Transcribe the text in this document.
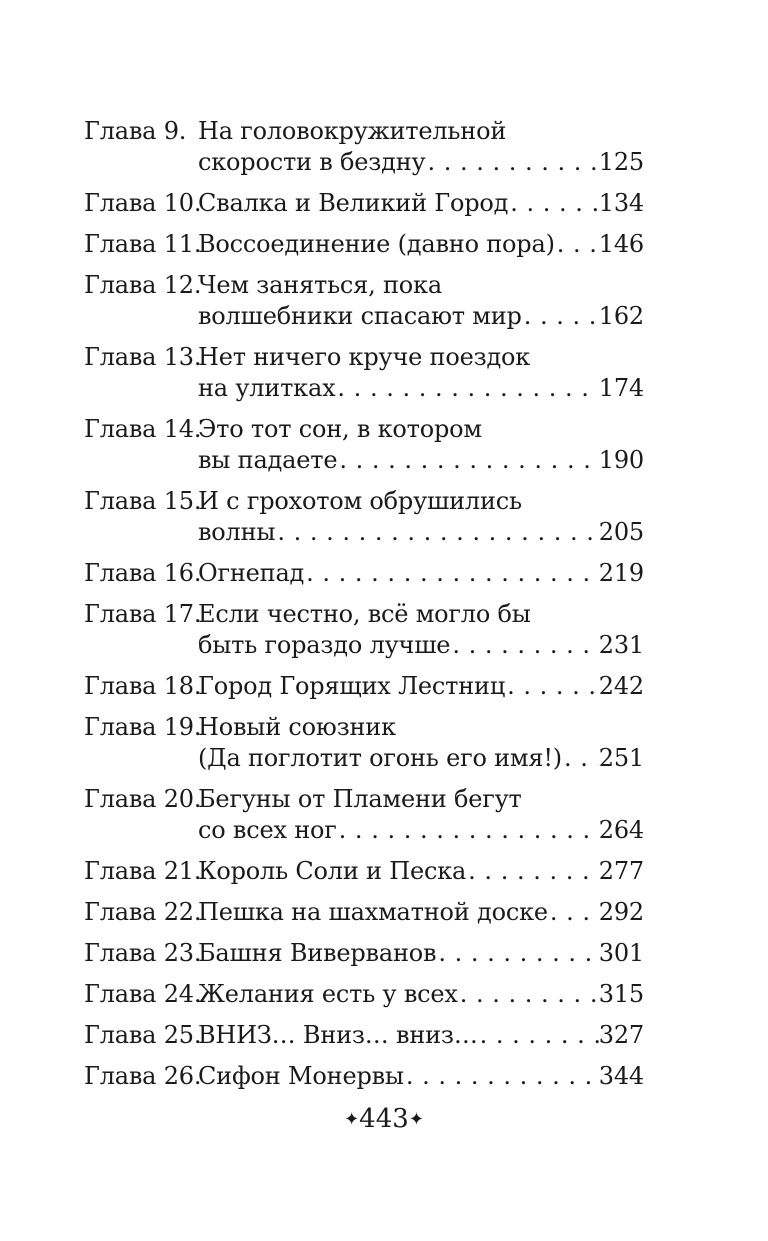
Глава 9. На головокружительной
скорости в бездну . . .	125
Глава 10.
Свалка и Великий Город . . .	134
Глава 11.
Воссоединение (давно пора) . . . 146
Глава 12.
Чем заняться, пока
волшебники спасают мир . . .	162
Глава 13.
Нет ничего круче поездок
на улитках . . .	174
Глава 14.
Это тот сон, в котором
вы падаете . . .	190
Глава 15.
И с грохотом обрушились
волны . . .	205
Глава 16.
Огнепад . . .	219
Глава 17.
Если честно, всё могло бы
быть гораздо лучше . . .	231
Глава 18.
Город Горящих Лестниц . . .	242
Глава 19.
Новый союзник
(Да поглотит огонь его имя!) . . . 251
Глава 20.
Бегуны от Пламени бегут
со всех ног . . .	264
Глава 21.
Король Соли и Песка . . .	277
Глава 22.
Пешка на шахматной доске . . . 292
Глава 23.
Башня Виверванов . . .	301
Глава 24.
Желания есть у всех . . .	315
Глава 25.
ВНИЗ… Вниз… вниз… . . .	327
Глава 26.
Сифон Монервы . . .	344
✦443✦
